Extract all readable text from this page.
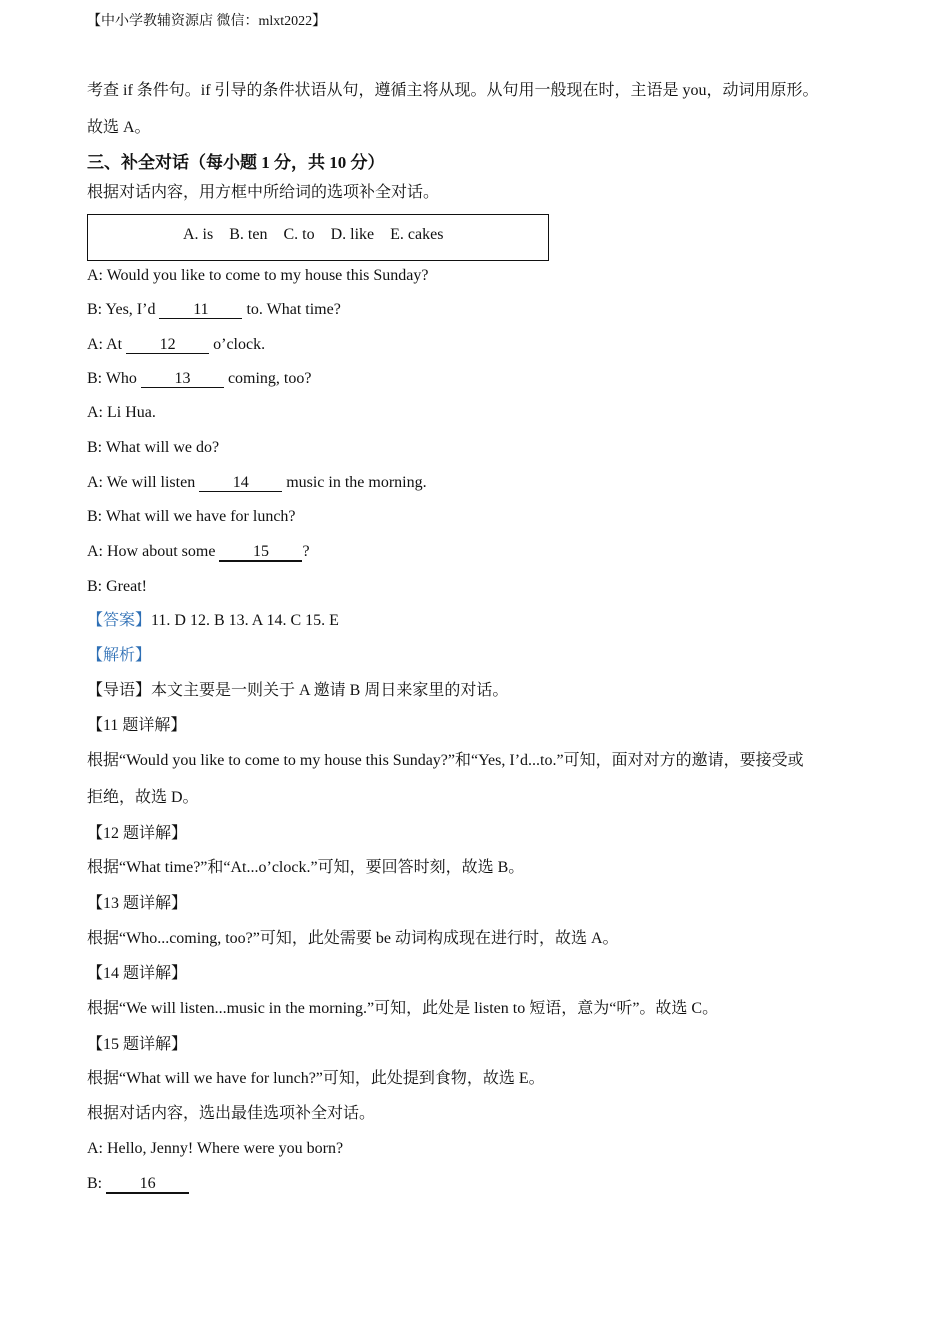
【中小学教辅资源店 微信：mlxt2022】
考查 if 条件句。if 引导的条件状语从句，遵循主将从现。从句用一般现在时，主语是 you，动词用原形。
故选 A。
三、补全对话（每小题 1 分，共 10 分）
根据对话内容，用方框中所给词的选项补全对话。
A. is    B. ten    C. to    D. like    E. cakes
A: Would you like to come to my house this Sunday?
B: Yes, I’d 11 to. What time?
A: At 12 o’clock.
B: Who 13 coming, too?
A: Li Hua.
B: What will we do?
A: We will listen 14 music in the morning.
B: What will we have for lunch?
A: How about some 15 ?
B: Great!
【答案】11. D 12. B 13. A 14. C 15. E
【解析】
【导语】本文主要是一则关于 A 邀请 B 周日来家里的对话。
【11 题详解】
根据“Would you like to come to my house this Sunday?”和“Yes, I’d...to.”可知，面对对方的邀请，要接受或
拒绝，故选 D。
【12 题详解】
根据“What time?”和“At...o’clock.”可知，要回答时刻，故选 B。
【13 题详解】
根据“Who...coming, too?”可知，此处需要 be 动词构成现在进行时，故选 A。
【14 题详解】
根据“We will listen...music in the morning.”可知，此处是 listen to 短语，意为“听”。故选 C。
【15 题详解】
根据“What will we have for lunch?”可知，此处提到食物，故选 E。
根据对话内容，选出最佳选项补全对话。
A: Hello, Jenny! Where were you born?
B: 16
